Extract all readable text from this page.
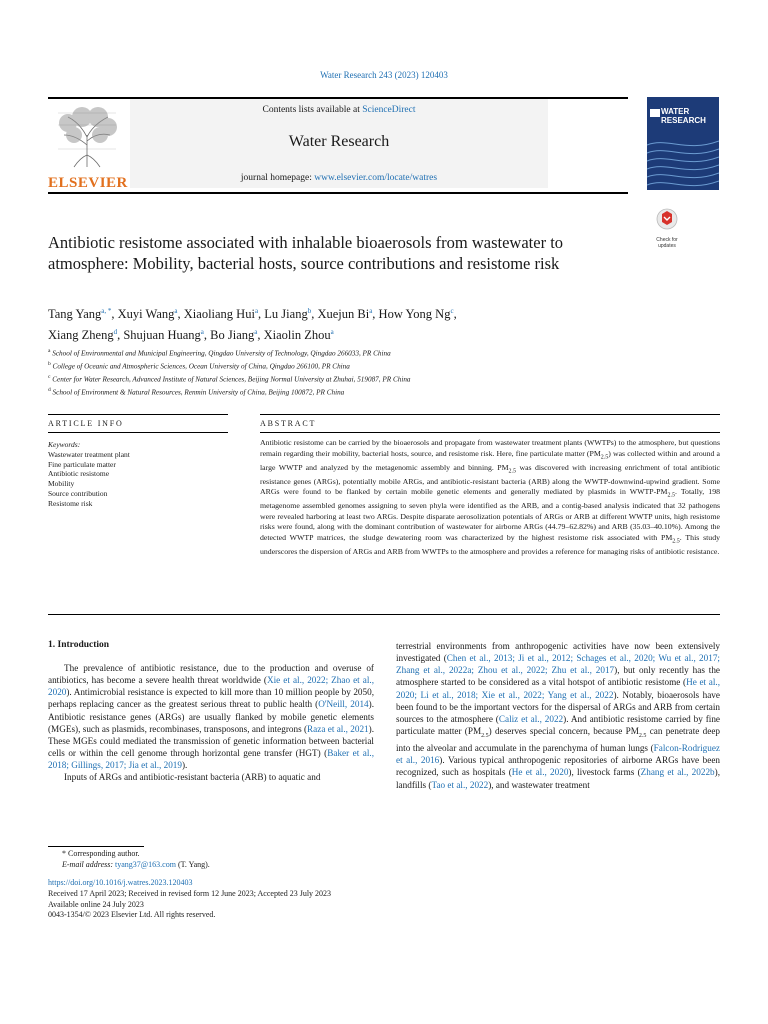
Water Research 243 (2023) 120403
ELSEVIER
Contents lists available at ScienceDirect
Water Research
journal homepage: www.elsevier.com/locate/watres
WATER
RESEARCH
Antibiotic resistome associated with inhalable bioaerosols from wastewater to atmosphere: Mobility, bacterial hosts, source contributions and resistome risk
Check for
updates
Tang Yang$^{a, *}$, Xuyi Wang$^a$, Xiaoliang Hui$^a$, Lu Jiang$^b$, Xuejun Bi$^a$, How Yong Ng$^c$,
Xiang Zheng$^d$, Shujuan Huang$^a$, Bo Jiang$^a$, Xiaolin Zhou$^a$
$^a$ School of Environmental and Municipal Engineering, Qingdao University of Technology, Qingdao 266033, PR China
$^b$ College of Oceanic and Atmospheric Sciences, Ocean University of China, Qingdao 266100, PR China
$^c$ Center for Water Research, Advanced Institute of Natural Sciences, Beijing Normal University at Zhuhai, 519087, PR China
$^d$ School of Environment & Natural Resources, Renmin University of China, Beijing 100872, PR China
ARTICLE INFO	ABSTRACT
Keywords:
Wastewater treatment plant
Fine particulate matter
Antibiotic resistome
Mobility
Source contribution
Resistome risk
Antibiotic resistome can be carried by the bioaerosols and propagate from wastewater treatment plants (WWTPs) to the atmosphere, but questions remain regarding their mobility, bacterial hosts, source, and resistome risk. Here, fine particulate matter $(PM_{2.5})$ was collected within and around a large WWTP and analyzed by the metagenomic assembly and binning. $PM_{2.5}$ was discovered with increasing enrichment of total antibiotic resistance genes (ARGs), potentially mobile ARGs, and antibiotic-resistant bacteria (ARB) along the WWTP-downwind-upwind gradient. Some ARGs were found to be flanked by certain mobile genetic elements and generally mediated by plasmids in WWTP-$PM_{2.5}$. Totally, 198 metagenome assembled genomes assigning to seven phyla were identified as the ARB, and a contig-based analysis indicated that 32 pathogens were revealed harboring at least two ARGs. Despite disparate aerosolization potentials of ARGs or ARB at different WWTP units, high resistome risks were found, along with the dominant contribution of wastewater for airborne ARGs (44.79–62.82%) and ARB (35.03–40.10%). Among the detected WWTP matrices, the sludge dewatering room was characterized by the highest resistome risk associated with $PM_{2.5}$. This study underscores the dispersion of ARGs and ARB from WWTPs to the atmosphere and provides a reference for managing risks of antibiotic resistance.
1. Introduction

The prevalence of antibiotic resistance, due to the production and overuse of antibiotics, has become a severe health threat worldwide (Xie et al., 2022; Zhao et al., 2020). Antimicrobial resistance is expected to kill more than 10 million people by 2050, perhaps replacing cancer as the greatest serious threat to public health (O'Neill, 2014). Antibiotic resistance genes (ARGs) are usually flanked by mobile genetic elements (MGEs), such as plasmids, recombinases, transposons, and integrons (Raza et al., 2021). These MGEs could mediated the transmission of genetic information between bacterial cells or within the cell genome through horizontal gene transfer (HGT) (Baker et al., 2018; Gillings, 2017; Jia et al., 2019).

Inputs of ARGs and antibiotic-resistant bacteria (ARB) to aquatic and

terrestrial environments from anthropogenic activities have now been extensively investigated (Chen et al., 2013; Ji et al., 2012; Schages et al., 2020; Wu et al., 2017; Zhang et al., 2022a; Zhou et al., 2022; Zhu et al., 2017), but only recently has the atmosphere started to be considered as a vital hotspot of antibiotic resistome (He et al., 2020; Li et al., 2018; Xie et al., 2022; Yang et al., 2022). Notably, bioaerosols have been found to be the important vectors for the dispersal of ARGs and ARB from certain sources to the atmosphere (Caliz et al., 2022). And antibiotic resistome carried by fine particulate matter $(PM_{2.5})$ deserves special concern, because $PM_{2.5}$ can penetrate deep into the alveolar and accumulate in the parenchyma of human lungs (Falcon-Rodriguez et al., 2016). Various typical anthropogenic repositories of airborne ARGs have been recognized, such as hospitals (He et al., 2020), livestock farms (Zhang et al., 2022b), landfills (Tao et al., 2022), and wastewater treatment

* Corresponding author.
E-mail address: tyang37@163.com (T. Yang).
https://doi.org/10.1016/j.watres.2023.120403
Received 17 April 2023; Received in revised form 12 June 2023; Accepted 23 July 2023
Available online 24 July 2023
0043-1354/© 2023 Elsevier Ltd. All rights reserved.
